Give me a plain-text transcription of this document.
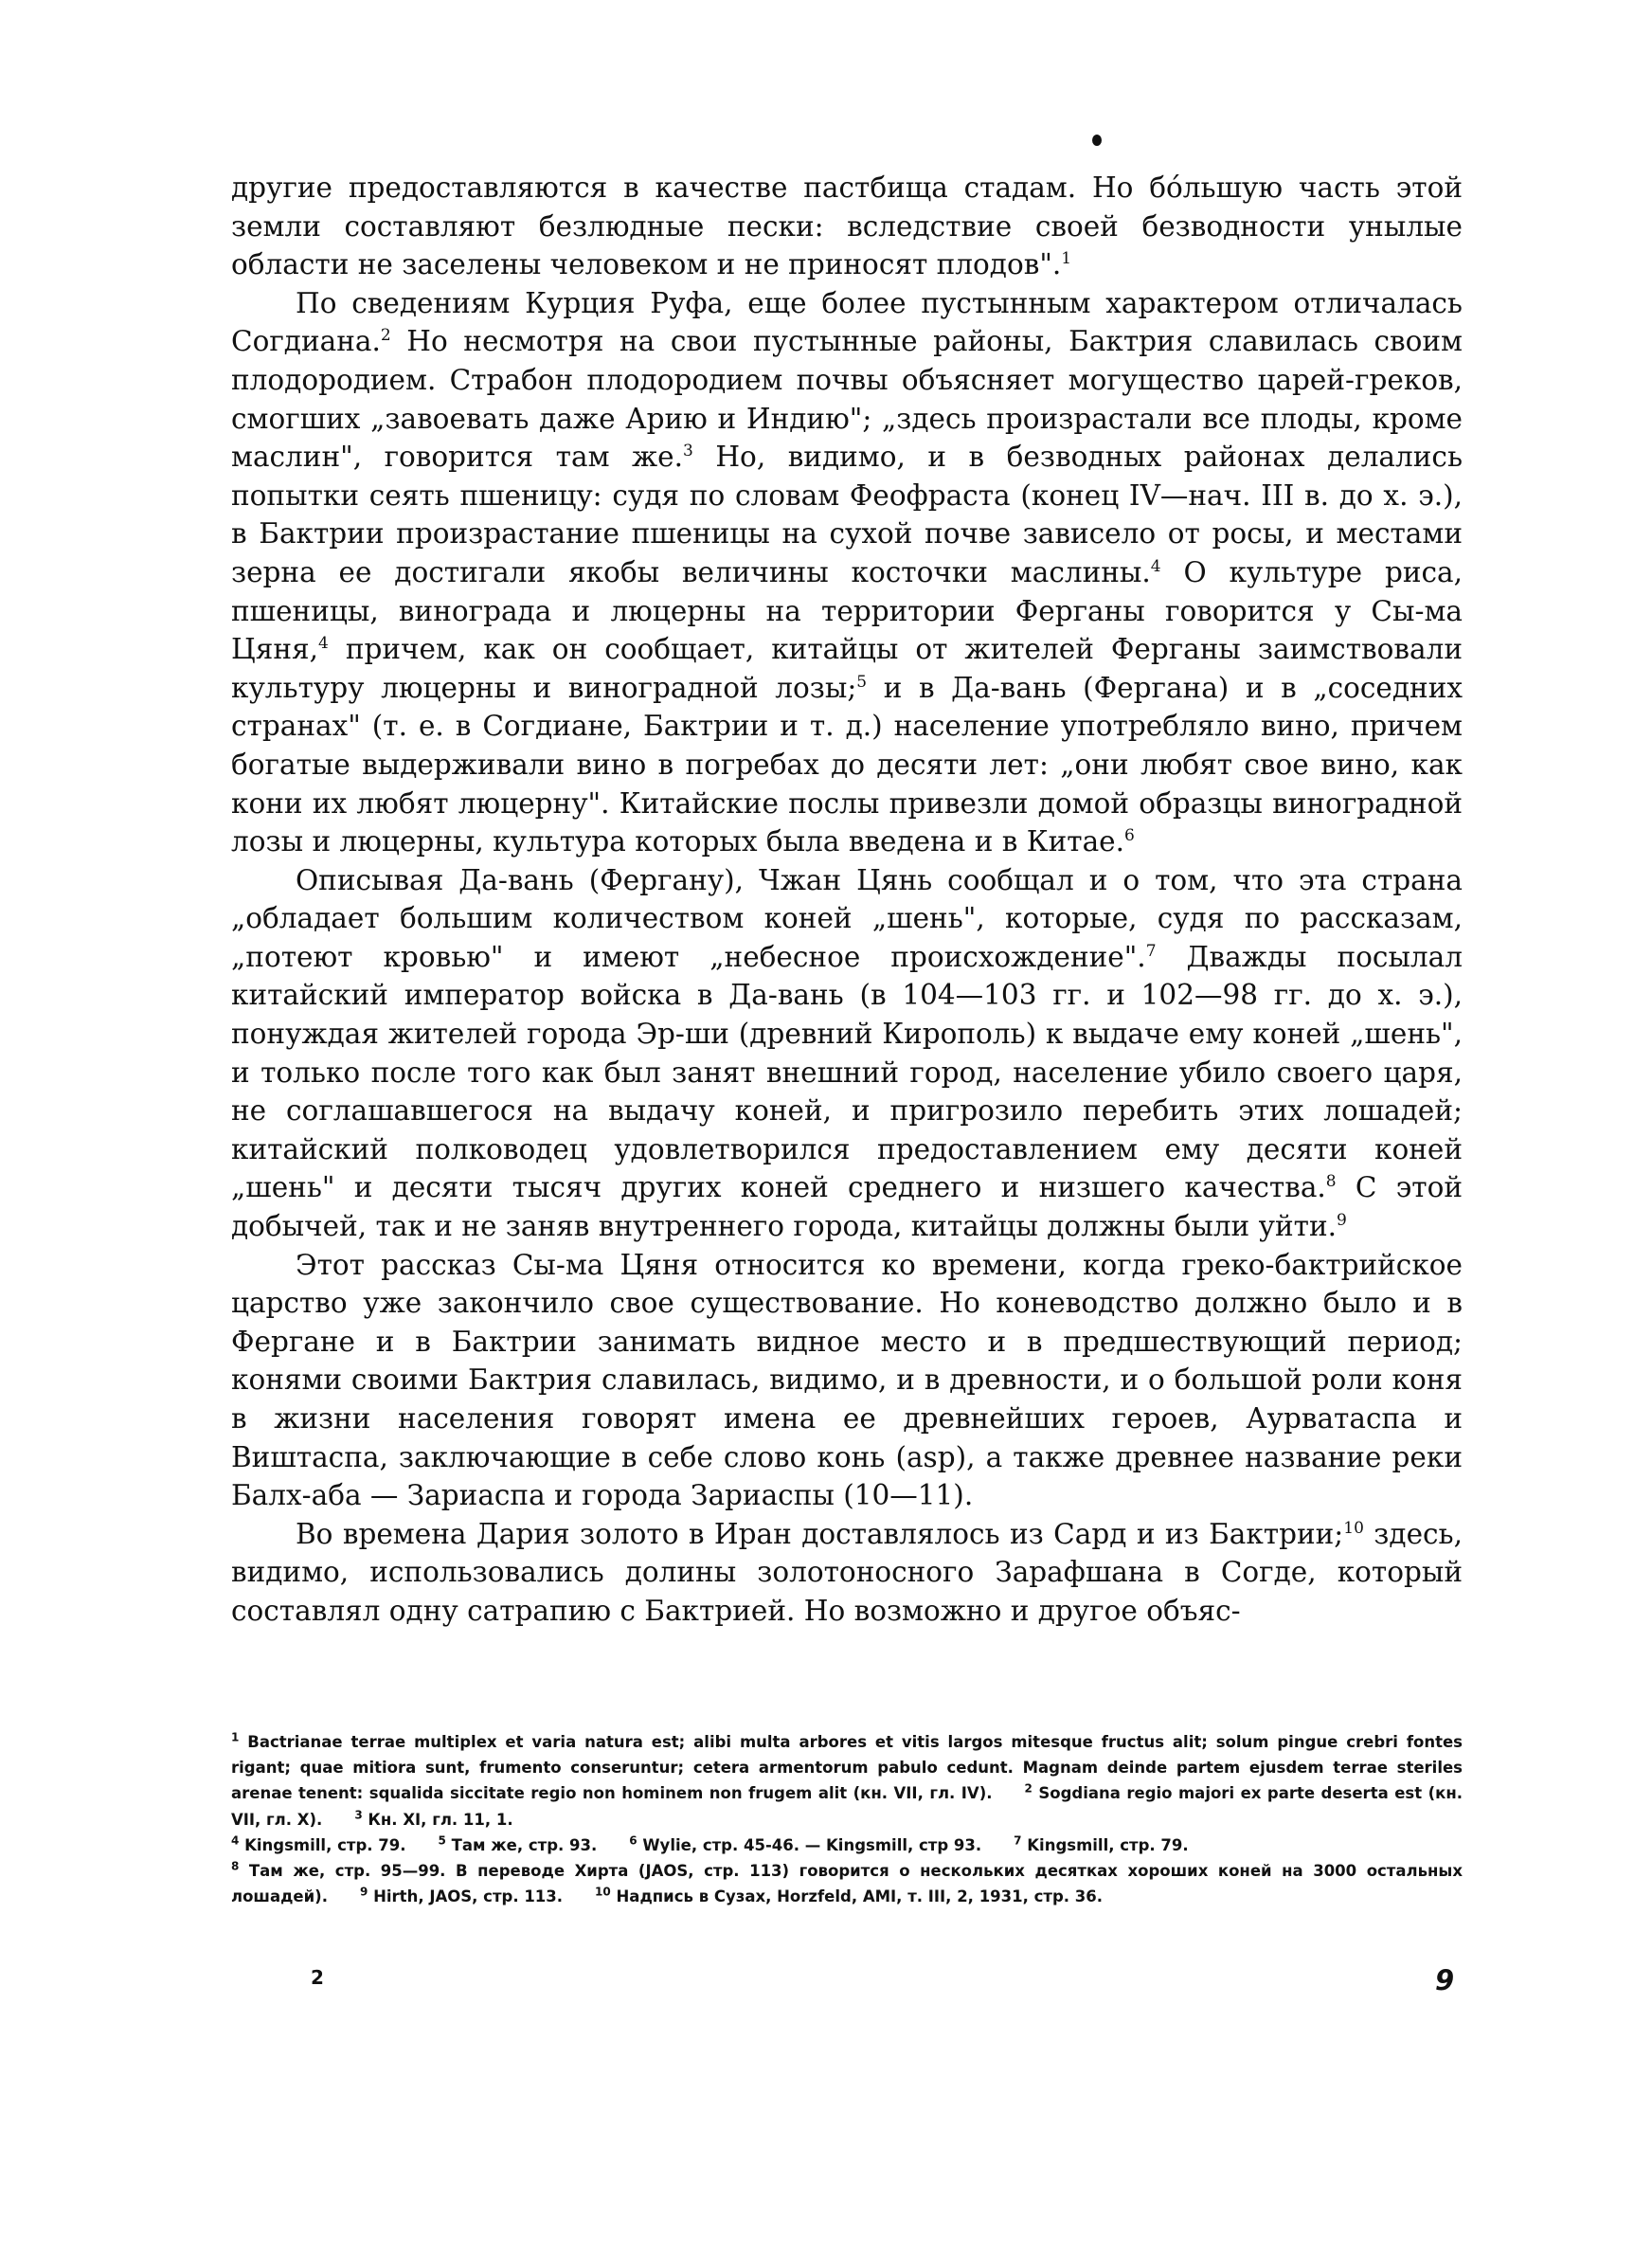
другие предоставляются в качестве пастбища стадам. Но бо́льшую часть этой земли составляют безлюдные пески: вследствие своей безводности унылые области не заселены человеком и не приносят плодов".$^1$

По сведениям Курция Руфа, еще более пустынным характером отличалась Согдиана.$^2$ Но несмотря на свои пустынные районы, Бактрия славилась своим плодородием. Страбон плодородием почвы объясняет могущество царей-греков, смогших „завоевать даже Арию и Индию"; „здесь произрастали все плоды, кроме маслин", говорится там же.$^3$ Но, видимо, и в безводных районах делались попытки сеять пшеницу: судя по словам Феофраста (конец IV—нач. III в. до х. э.), в Бактрии произрастание пшеницы на сухой почве зависело от росы, и местами зерна ее достигали якобы величины косточки маслины.$^4$ О культуре риса, пшеницы, винограда и люцерны на территории Ферганы говорится у Сы-ма Цяня,$^4$ причем, как он сообщает, китайцы от жителей Ферганы заимствовали культуру люцерны и виноградной лозы;$^5$ и в Да-вань (Фергана) и в „соседних странах" (т. е. в Согдиане, Бактрии и т. д.) население употребляло вино, причем богатые выдерживали вино в погребах до десяти лет: „они любят свое вино, как кони их любят люцерну". Китайские послы привезли домой образцы виноградной лозы и люцерны, культура которых была введена и в Китае.$^6$

Описывая Да-вань (Фергану), Чжан Цянь сообщал и о том, что эта страна „обладает большим количеством коней „шень", которые, судя по рассказам, „потеют кровью" и имеют „небесное происхождение".$^7$ Дважды посылал китайский император войска в Да-вань (в 104—103 гг. и 102—98 гг. до х. э.), понуждая жителей города Эр-ши (древний Кирополь) к выдаче ему коней „шень", и только после того как был занят внешний город, население убило своего царя, не соглашавшегося на выдачу коней, и пригрозило перебить этих лошадей; китайский полководец удовлетворился предоставлением ему десяти коней „шень" и десяти тысяч других коней среднего и низшего качества.$^8$ С этой добычей, так и не заняв внутреннего города, китайцы должны были уйти.$^9$

Этот рассказ Сы-ма Цяня относится ко времени, когда греко-бактрийское царство уже закончило свое существование. Но коневодство должно было и в Фергане и в Бактрии занимать видное место и в предшествующий период; конями своими Бактрия славилась, видимо, и в древности, и о большой роли коня в жизни населения говорят имена ее древнейших героев, Аурватаспа и Виштаспа, заключающие в себе слово конь (asp), а также древнее название реки Балх-аба — Зариаспа и города Зариаспы (10—11).

Во времена Дария золото в Иран доставлялось из Сард и из Бактрии;$^{10}$ здесь, видимо, использовались долины золотоносного Зарафшана в Согде, который составлял одну сатрапию с Бактрией. Но возможно и другое объяс-

$^1$ Bactrianae terrae multiplex et varia natura est; alibi multa arbores et vitis largos mitesque fructus alit; solum pingue crebri fontes rigant; quae mitiora sunt, frumento conseruntur; cetera armentorum pabulo cedunt. Magnam deinde partem ejusdem terrae steriles arenae tenent: squalida siccitate regio non hominem non frugem alit (кн. VII, гл. IV).	$^2$ Sogdiana regio majori ex parte deserta est (кн. VII, гл. X).	$^3$ Кн. XI, гл. 11, 1.

$^4$ Kingsmill, стр. 79.	$^5$ Там же, стр. 93.	$^6$ Wylie, стр. 45-46. — Kingsmill, стр 93.	$^7$ Kingsmill, стр. 79.

$^8$ Там же, стр. 95—99. В переводе Хирта (JAOS, стр. 113) говорится о нескольких десятках хороших коней на 3000 остальных лошадей).	$^9$ Hirth, JAOS, стр. 113.	$^{10}$ Надпись в Сузах, Horzfeld, AMI, т. III, 2, 1931, стр. 36.

2	9
